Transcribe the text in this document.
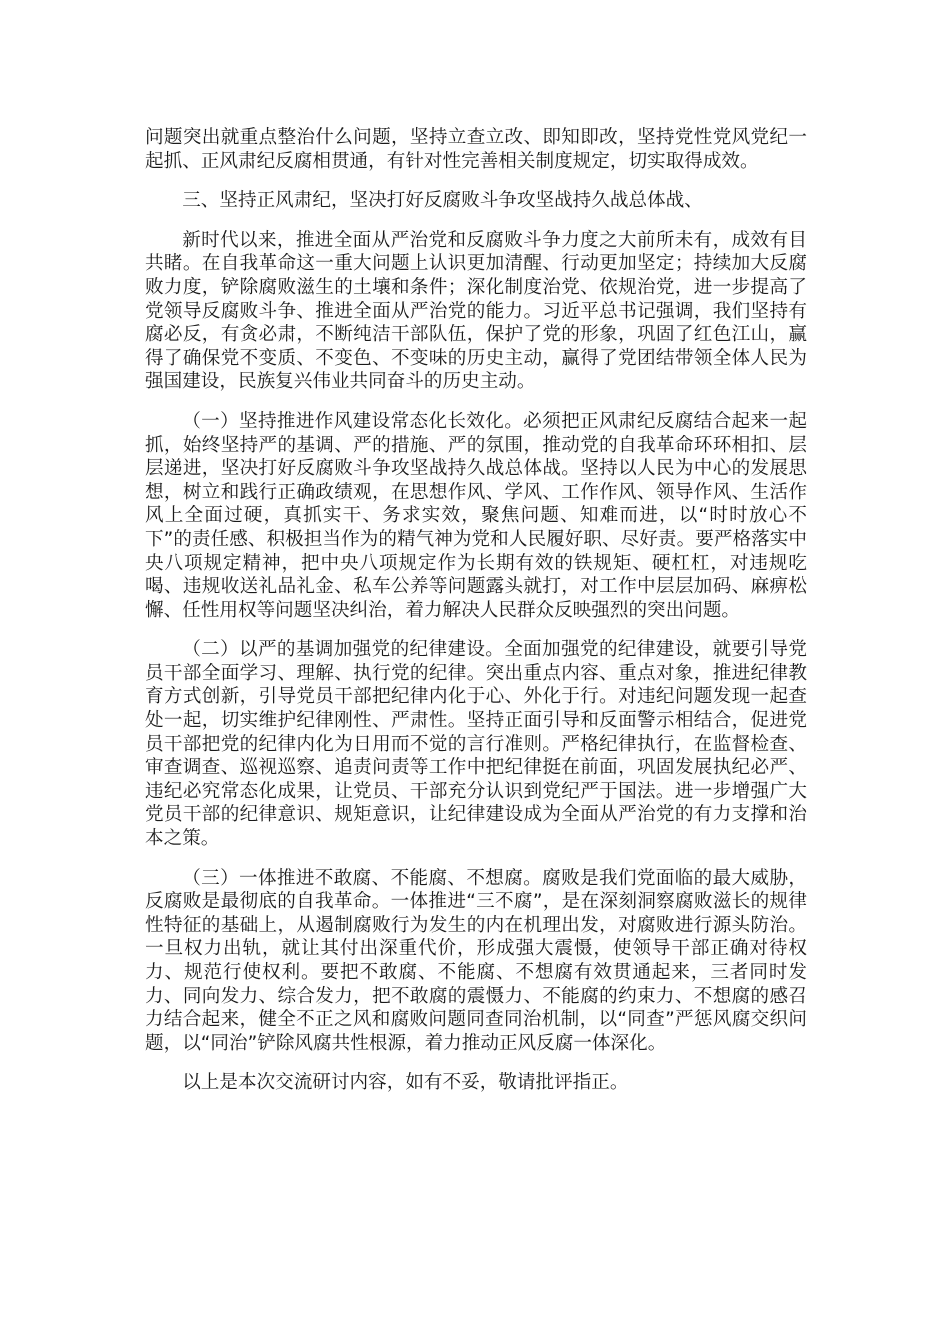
问题突出就重点整治什么问题，坚持立查立改、即知即改，坚持党性党风党纪一起抓、正风肃纪反腐相贯通，有针对性完善相关制度规定，切实取得成效。

三、坚持正风肃纪，坚决打好反腐败斗争攻坚战持久战总体战、

新时代以来，推进全面从严治党和反腐败斗争力度之大前所未有，成效有目共睹。在自我革命这一重大问题上认识更加清醒、行动更加坚定；持续加大反腐败力度，铲除腐败滋生的土壤和条件；深化制度治党、依规治党，进一步提高了党领导反腐败斗争、推进全面从严治党的能力。习近平总书记强调，我们坚持有腐必反，有贪必肃，不断纯洁干部队伍，保护了党的形象，巩固了红色江山，赢得了确保党不变质、不变色、不变味的历史主动，赢得了党团结带领全体人民为强国建设，民族复兴伟业共同奋斗的历史主动。

（一）坚持推进作风建设常态化长效化。必须把正风肃纪反腐结合起来一起抓，始终坚持严的基调、严的措施、严的氛围，推动党的自我革命环环相扣、层层递进，坚决打好反腐败斗争攻坚战持久战总体战。坚持以人民为中心的发展思想，树立和践行正确政绩观，在思想作风、学风、工作作风、领导作风、生活作风上全面过硬，真抓实干、务求实效，聚焦问题、知难而进，以“时时放心不下”的责任感、积极担当作为的精气神为党和人民履好职、尽好责。要严格落实中央八项规定精神，把中央八项规定作为长期有效的铁规矩、硬杠杠，对违规吃喝、违规收送礼品礼金、私车公养等问题露头就打，对工作中层层加码、麻痹松懈、任性用权等问题坚决纠治，着力解决人民群众反映强烈的突出问题。

（二）以严的基调加强党的纪律建设。全面加强党的纪律建设，就要引导党员干部全面学习、理解、执行党的纪律。突出重点内容、重点对象，推进纪律教育方式创新，引导党员干部把纪律内化于心、外化于行。对违纪问题发现一起查处一起，切实维护纪律刚性、严肃性。坚持正面引导和反面警示相结合，促进党员干部把党的纪律内化为日用而不觉的言行准则。严格纪律执行，在监督检查、审查调查、巡视巡察、追责问责等工作中把纪律挺在前面，巩固发展执纪必严、违纪必究常态化成果，让党员、干部充分认识到党纪严于国法。进一步增强广大党员干部的纪律意识、规矩意识，让纪律建设成为全面从严治党的有力支撑和治本之策。

（三）一体推进不敢腐、不能腐、不想腐。腐败是我们党面临的最大威胁，反腐败是最彻底的自我革命。一体推进“三不腐”，是在深刻洞察腐败滋长的规律性特征的基础上，从遏制腐败行为发生的内在机理出发，对腐败进行源头防治。一旦权力出轨，就让其付出深重代价，形成强大震慑，使领导干部正确对待权力、规范行使权利。要把不敢腐、不能腐、不想腐有效贯通起来，三者同时发力、同向发力、综合发力，把不敢腐的震慑力、不能腐的约束力、不想腐的感召力结合起来，健全不正之风和腐败问题同查同治机制，以“同查”严惩风腐交织问题，以“同治”铲除风腐共性根源，着力推动正风反腐一体深化。

以上是本次交流研讨内容，如有不妥，敬请批评指正。
